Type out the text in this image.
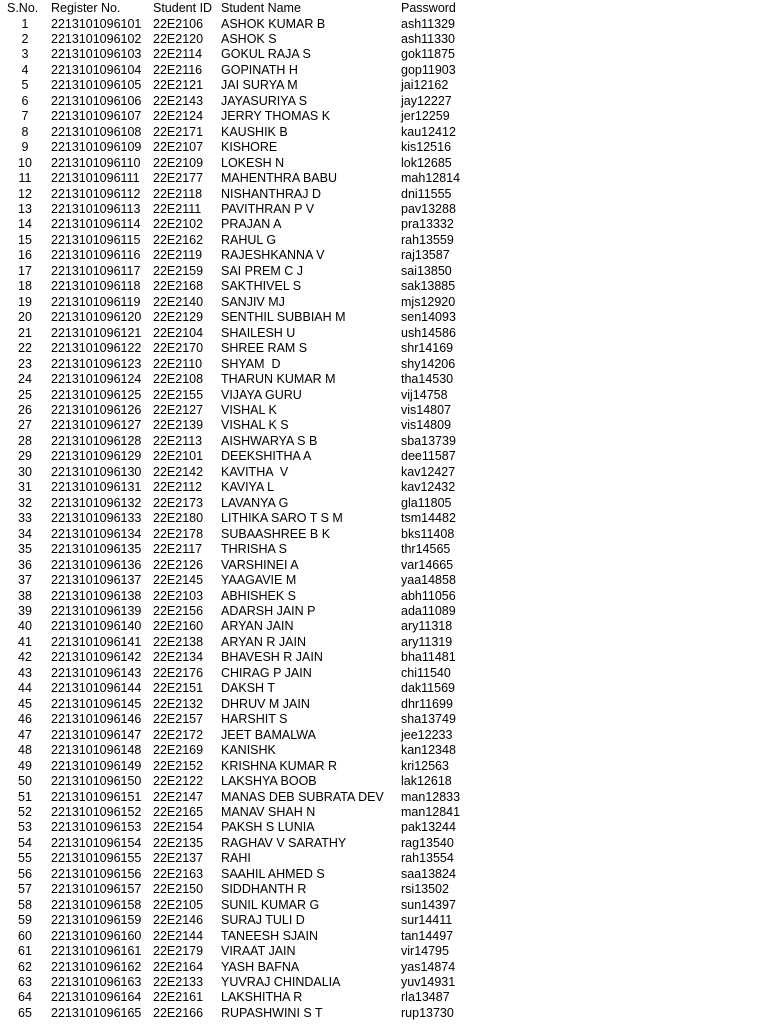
S.No. Register No.	Student ID Student Name	Password
1	2213101096101 22E2106	ASHOK KUMAR B	ash11329
2	2213101096102 22E2120	ASHOK S	ash11330
3	2213101096103 22E2114	GOKUL RAJA S	gok11875
4	2213101096104 22E2116	GOPINATH H	gop11903
5	2213101096105 22E2121	JAI SURYA M	jai12162
6	2213101096106 22E2143	JAYASURIYA S	jay12227
7	2213101096107 22E2124	JERRY THOMAS K	jer12259
8	2213101096108 22E2171	KAUSHIK B	kau12412
9	2213101096109 22E2107	KISHORE	kis12516
10	2213101096110	22E2109	LOKESH N	lok12685
11	2213101096111	22E2177	MAHENTHRA BABU	mah12814
12	2213101096112	22E2118	NISHANTHRAJ D	dni11555
13	2213101096113	22E2111	PAVITHRAN P V	pav13288
14	2213101096114	22E2102	PRAJAN A	pra13332
15	2213101096115	22E2162	RAHUL G	rah13559
16	2213101096116	22E2119	RAJESHKANNA V	raj13587
17	2213101096117	22E2159	SAI PREM C J	sai13850
18	2213101096118	22E2168	SAKTHIVEL S	sak13885
19	2213101096119	22E2140	SANJIV MJ	mjs12920
20	2213101096120 22E2129	SENTHIL SUBBIAH M	sen14093
21	2213101096121 22E2104	SHAILESH U	ush14586
22	2213101096122 22E2170	SHREE RAM S	shr14169
23	2213101096123 22E2110	SHYAM  D	shy14206
24	2213101096124 22E2108	THARUN KUMAR M	tha14530
25	2213101096125 22E2155	VIJAYA GURU	vij14758
26	2213101096126 22E2127	VISHAL K	vis14807
27	2213101096127 22E2139	VISHAL K S	vis14809
28	2213101096128 22E2113	AISHWARYA S B	sba13739
29	2213101096129 22E2101	DEEKSHITHA A	dee11587
30	2213101096130 22E2142	KAVITHA  V	kav12427
31	2213101096131 22E2112	KAVIYA L	kav12432
32	2213101096132 22E2173	LAVANYA G	gla11805
33	2213101096133 22E2180	LITHIKA SARO T S M	tsm14482
34	2213101096134 22E2178	SUBAASHREE B K	bks11408
35	2213101096135 22E2117	THRISHA S	thr14565
36	2213101096136 22E2126	VARSHINEI A	var14665
37	2213101096137 22E2145	YAAGAVIE M	yaa14858
38	2213101096138 22E2103	ABHISHEK S	abh11056
39	2213101096139 22E2156	ADARSH JAIN P	ada11089
40	2213101096140 22E2160	ARYAN JAIN	ary11318
41	2213101096141 22E2138	ARYAN R JAIN	ary11319
42	2213101096142 22E2134	BHAVESH R JAIN	bha11481
43	2213101096143 22E2176	CHIRAG P JAIN	chi11540
44	2213101096144 22E2151	DAKSH T	dak11569
45	2213101096145 22E2132	DHRUV M JAIN	dhr11699
46	2213101096146 22E2157	HARSHIT S	sha13749
47	2213101096147 22E2172	JEET BAMALWA	jee12233
48	2213101096148 22E2169	KANISHK	kan12348
49	2213101096149 22E2152	KRISHNA KUMAR R	kri12563
50	2213101096150 22E2122	LAKSHYA BOOB	lak12618
51	2213101096151 22E2147	MANAS DEB SUBRATA DEV	man12833
52	2213101096152 22E2165	MANAV SHAH N	man12841
53	2213101096153 22E2154	PAKSH S LUNIA	pak13244
54	2213101096154 22E2135	RAGHAV V SARATHY	rag13540
55	2213101096155 22E2137	RAHI	rah13554
56	2213101096156 22E2163	SAAHIL AHMED S	saa13824
57	2213101096157 22E2150	SIDDHANTH R	rsi13502
58	2213101096158 22E2105	SUNIL KUMAR G	sun14397
59	2213101096159 22E2146	SURAJ TULI D	sur14411
60	2213101096160 22E2144	TANEESH SJAIN	tan14497
61	2213101096161 22E2179	VIRAAT JAIN	vir14795
62	2213101096162 22E2164	YASH BAFNA	yas14874
63	2213101096163 22E2133	YUVRAJ CHINDALIA	yuv14931
64	2213101096164 22E2161	LAKSHITHA R	rla13487
65	2213101096165 22E2166	RUPASHWINI S T	rup13730
